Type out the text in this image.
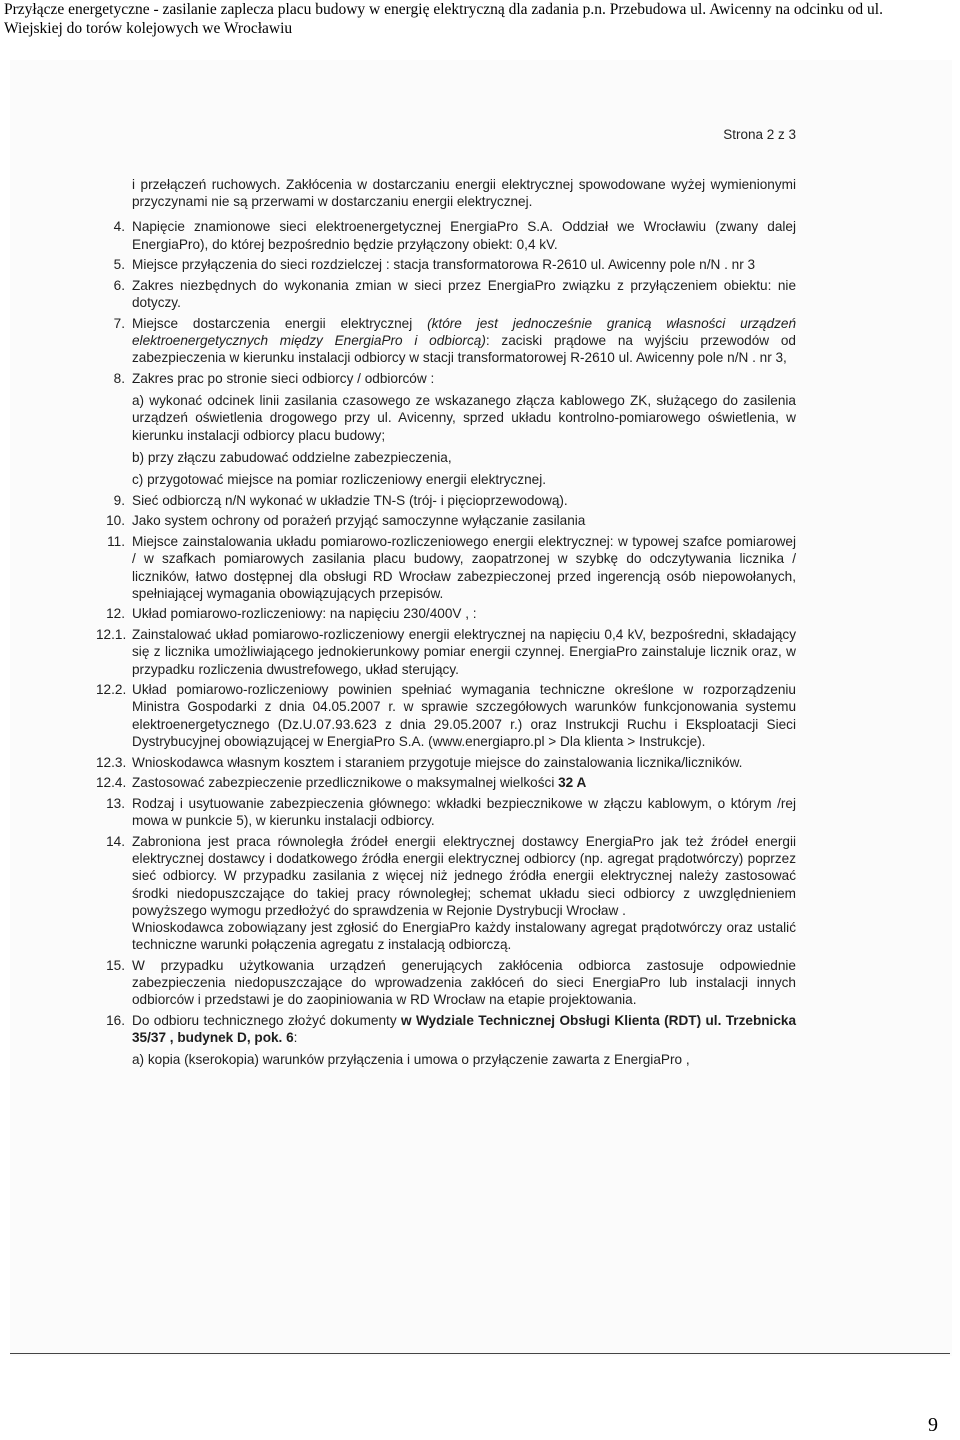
Przyłącze energetyczne - zasilanie zaplecza placu budowy w energię elektryczną dla zadania p.n. Przebudowa ul. Awicenny na odcinku od ul.
Wiejskiej do torów kolejowych we Wrocławiu
Strona 2 z 3
i przełączeń ruchowych. Zakłócenia w dostarczaniu energii elektrycznej spowodowane wyżej wymienionymi przyczynami nie są przerwami w dostarczaniu energii elektrycznej.
4. Napięcie znamionowe sieci elektroenergetycznej EnergiaPro S.A. Oddział we Wrocławiu (zwany dalej EnergiaPro), do której bezpośrednio będzie przyłączony obiekt: 0,4 kV.
5. Miejsce przyłączenia do sieci rozdzielczej : stacja transformatorowa R-2610 ul. Awicenny pole n/N . nr 3
6. Zakres niezbędnych do wykonania zmian w sieci przez EnergiaPro związku z przyłączeniem obiektu: nie dotyczy.
7. Miejsce dostarczenia energii elektrycznej (które jest jednocześnie granicą własności urządzeń elektroenergetycznych między EnergiaPro i odbiorcą): zaciski prądowe na wyjściu przewodów od zabezpieczenia w kierunku instalacji odbiorcy w stacji transformatorowej R-2610 ul. Awicenny pole n/N . nr 3,
8. Zakres prac po stronie sieci odbiorcy / odbiorców :
a) wykonać odcinek linii zasilania czasowego ze wskazanego złącza kablowego ZK, służącego do zasilenia urządzeń oświetlenia drogowego przy ul. Avicenny, sprzed układu kontrolno-pomiarowego oświetlenia, w kierunku instalacji odbiorcy placu budowy;
b) przy złączu zabudować oddzielne zabezpieczenia,
c) przygotować miejsce na pomiar rozliczeniowy energii elektrycznej.
9. Sieć odbiorczą n/N wykonać w układzie TN-S (trój- i pięcioprzewodową).
10. Jako system ochrony od porażeń przyjąć samoczynne wyłączanie zasilania
11. Miejsce zainstalowania układu pomiarowo-rozliczeniowego energii elektrycznej: w typowej szafce pomiarowej / w szafkach pomiarowych zasilania placu budowy, zaopatrzonej w szybkę do odczytywania licznika / liczników, łatwo dostępnej dla obsługi RD Wrocław zabezpieczonej przed ingerencją osób niepowołanych, spełniającej wymagania obowiązujących przepisów.
12. Układ pomiarowo-rozliczeniowy: na napięciu 230/400V , :
12.1. Zainstalować układ pomiarowo-rozliczeniowy energii elektrycznej na napięciu 0,4 kV, bezpośredni, składający się z licznika umożliwiającego jednokierunkowy pomiar energii czynnej. EnergiaPro zainstaluje licznik oraz, w przypadku rozliczenia dwustrefowego, układ sterujący.
12.2. Układ pomiarowo-rozliczeniowy powinien spełniać wymagania techniczne określone w rozporządzeniu Ministra Gospodarki z dnia 04.05.2007 r. w sprawie szczegółowych warunków funkcjonowania systemu elektroenergetycznego (Dz.U.07.93.623 z dnia 29.05.2007 r.) oraz Instrukcji Ruchu i Eksploatacji Sieci Dystrybucyjnej obowiązującej w EnergiaPro S.A. (www.energiapro.pl > Dla klienta > Instrukcje).
12.3. Wnioskodawca własnym kosztem i staraniem przygotuje miejsce do zainstalowania licznika/liczników.
12.4. Zastosować zabezpieczenie przedlicznikowe o maksymalnej wielkości 32 A
13. Rodzaj i usytuowanie zabezpieczenia głównego: wkładki bezpiecznikowe w złączu kablowym, o którym /rej mowa w punkcie 5), w kierunku instalacji odbiorcy.
14. Zabroniona jest praca równoległa źródeł energii elektrycznej dostawcy EnergiaPro jak też źródeł energii elektrycznej dostawcy i dodatkowego źródła energii elektrycznej odbiorcy (np. agregat prądotwórczy) poprzez sieć odbiorcy. W przypadku zasilania z więcej niż jednego źródła energii elektrycznej należy zastosować środki niedopuszczające do takiej pracy równoległej; schemat układu sieci odbiorcy z uwzględnieniem powyższego wymogu przedłożyć do sprawdzenia w Rejonie Dystrybucji Wrocław .
Wnioskodawca zobowiązany jest zgłosić do EnergiaPro każdy instalowany agregat prądotwórczy oraz ustalić techniczne warunki połączenia agregatu z instalacją odbiorczą.
15. W przypadku użytkowania urządzeń generujących zakłócenia odbiorca zastosuje odpowiednie zabezpieczenia niedopuszczające do wprowadzenia zakłóceń do sieci EnergiaPro lub instalacji innych odbiorców i przedstawi je do zaopiniowania w RD Wrocław na etapie projektowania.
16. Do odbioru technicznego złożyć dokumenty w Wydziale Technicznej Obsługi Klienta (RDT) ul. Trzebnicka 35/37 , budynek D, pok. 6:
a) kopia (kserokopia) warunków przyłączenia i umowa o przyłączenie zawarta z EnergiaPro ,
9
